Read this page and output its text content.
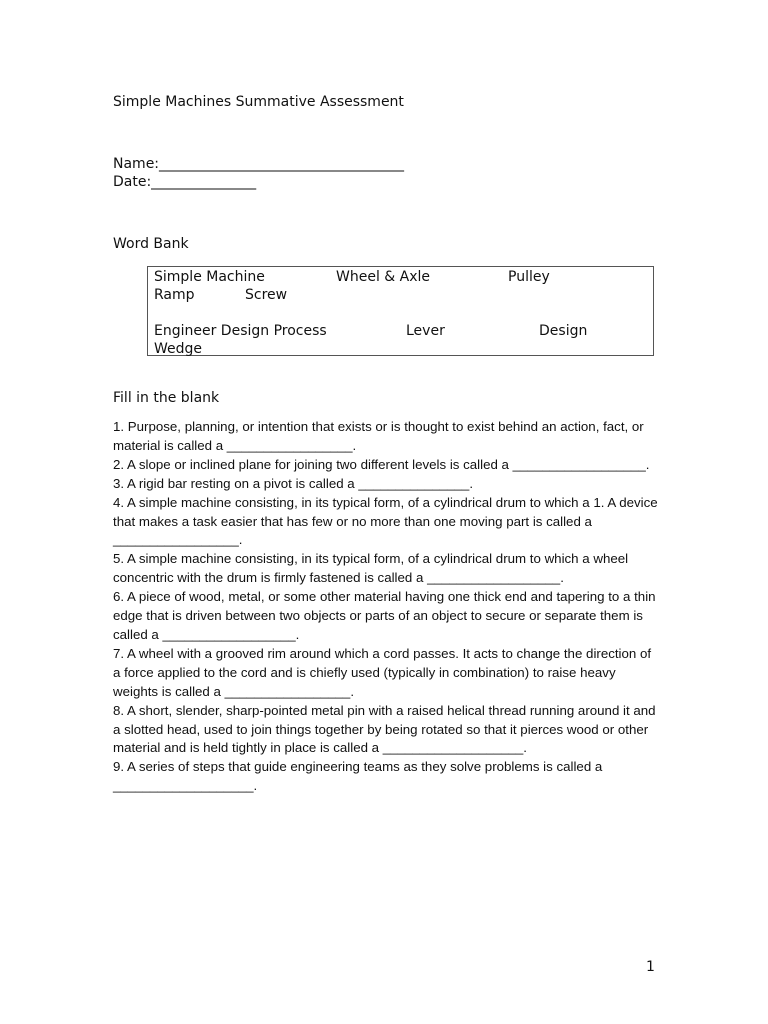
Simple Machines Summative Assessment
Name:___________________________________
Date:_______________
Word Bank
Simple Machine	Wheel & Axle	Pulley
Ramp	Screw
Engineer Design Process	Lever	Design
Wedge
Fill in the blank

1. Purpose, planning, or intention that exists or is thought to exist behind an action, fact, or material is called a _________________.

2. A slope or inclined plane for joining two different levels is called a __________________.

3. A rigid bar resting on a pivot is called a _______________.

4. A simple machine consisting, in its typical form, of a cylindrical drum to which a 1. A device that makes a task easier that has few or no more than one moving part is called a _________________.

5. A simple machine consisting, in its typical form, of a cylindrical drum to which a wheel concentric with the drum is firmly fastened is called a __________________.

6. A piece of wood, metal, or some other material having one thick end and tapering to a thin edge that is driven between two objects or parts of an object to secure or separate them is called a __________________.

7. A wheel with a grooved rim around which a cord passes. It acts to change the direction of a force applied to the cord and is chiefly used (typically in combination) to raise heavy weights is called a _________________.

8. A short, slender, sharp-pointed metal pin with a raised helical thread running around it and a slotted head, used to join things together by being rotated so that it pierces wood or other material and is held tightly in place is called a ___________________.

9. A series of steps that guide engineering teams as they solve problems is called a ___________________.

1
